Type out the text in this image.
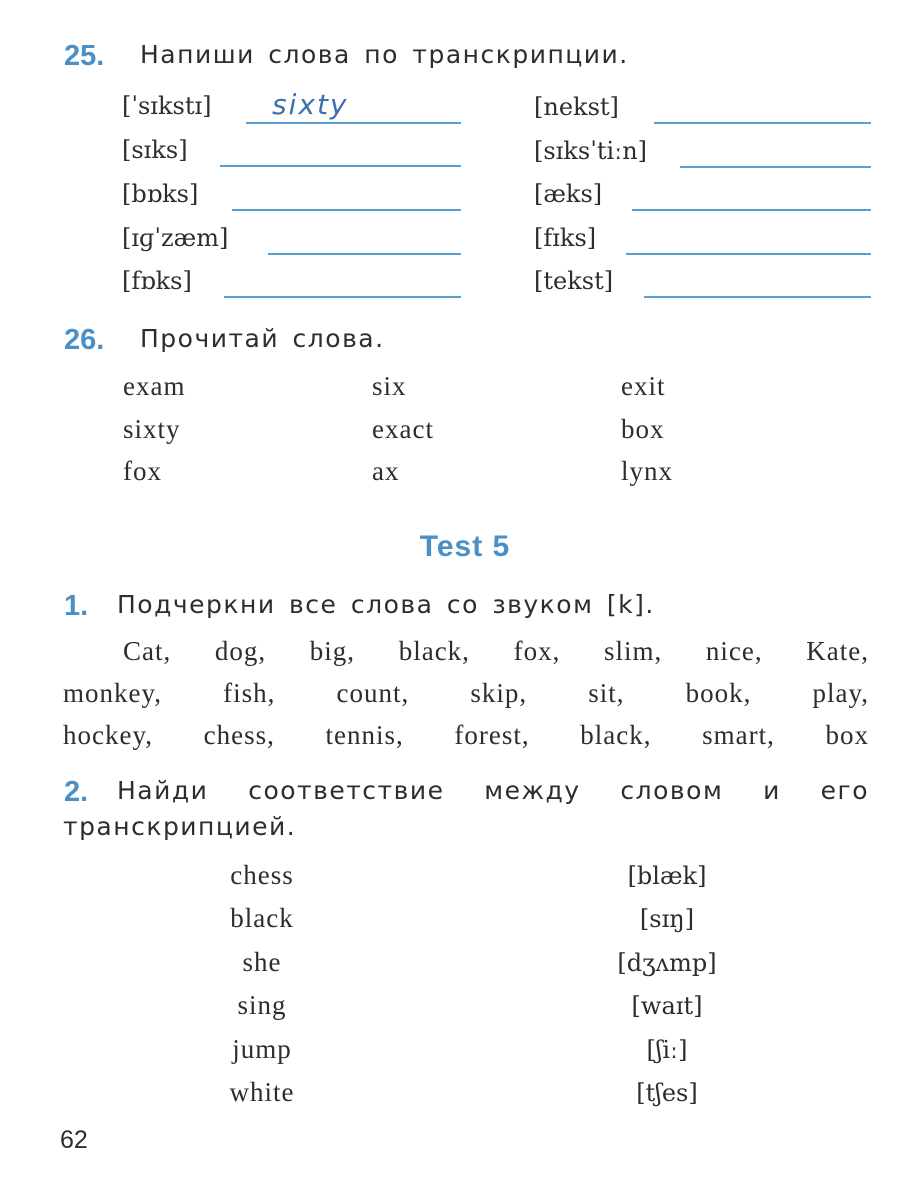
25. Напиши слова по транскрипции.
[ˈsɪkstɪ] sixty
[sɪks]
[bɒks]
[ɪɡˈzæm]
[fɒks]
[nekst]
[sɪksˈtiːn]
[æks]
[fɪks]
[tekst]
26. Прочитай слова.
exam
sixty
fox
six
exact
ax
exit
box
lynx
Test 5
1. Подчеркни все слова со звуком [k].
Cat, dog, big, black, fox, slim, nice, Kate,
monkey, fish, count, skip, sit, book, play,
hockey, chess, tennis, forest, black, smart, box
2. Найди соответствие между словом и его
транскрипцией.
chess
black
she
sing
jump
white
[blæk]
[sɪŋ]
[dʒʌmp]
[waɪt]
[ʃiː]
[tʃes]
62
